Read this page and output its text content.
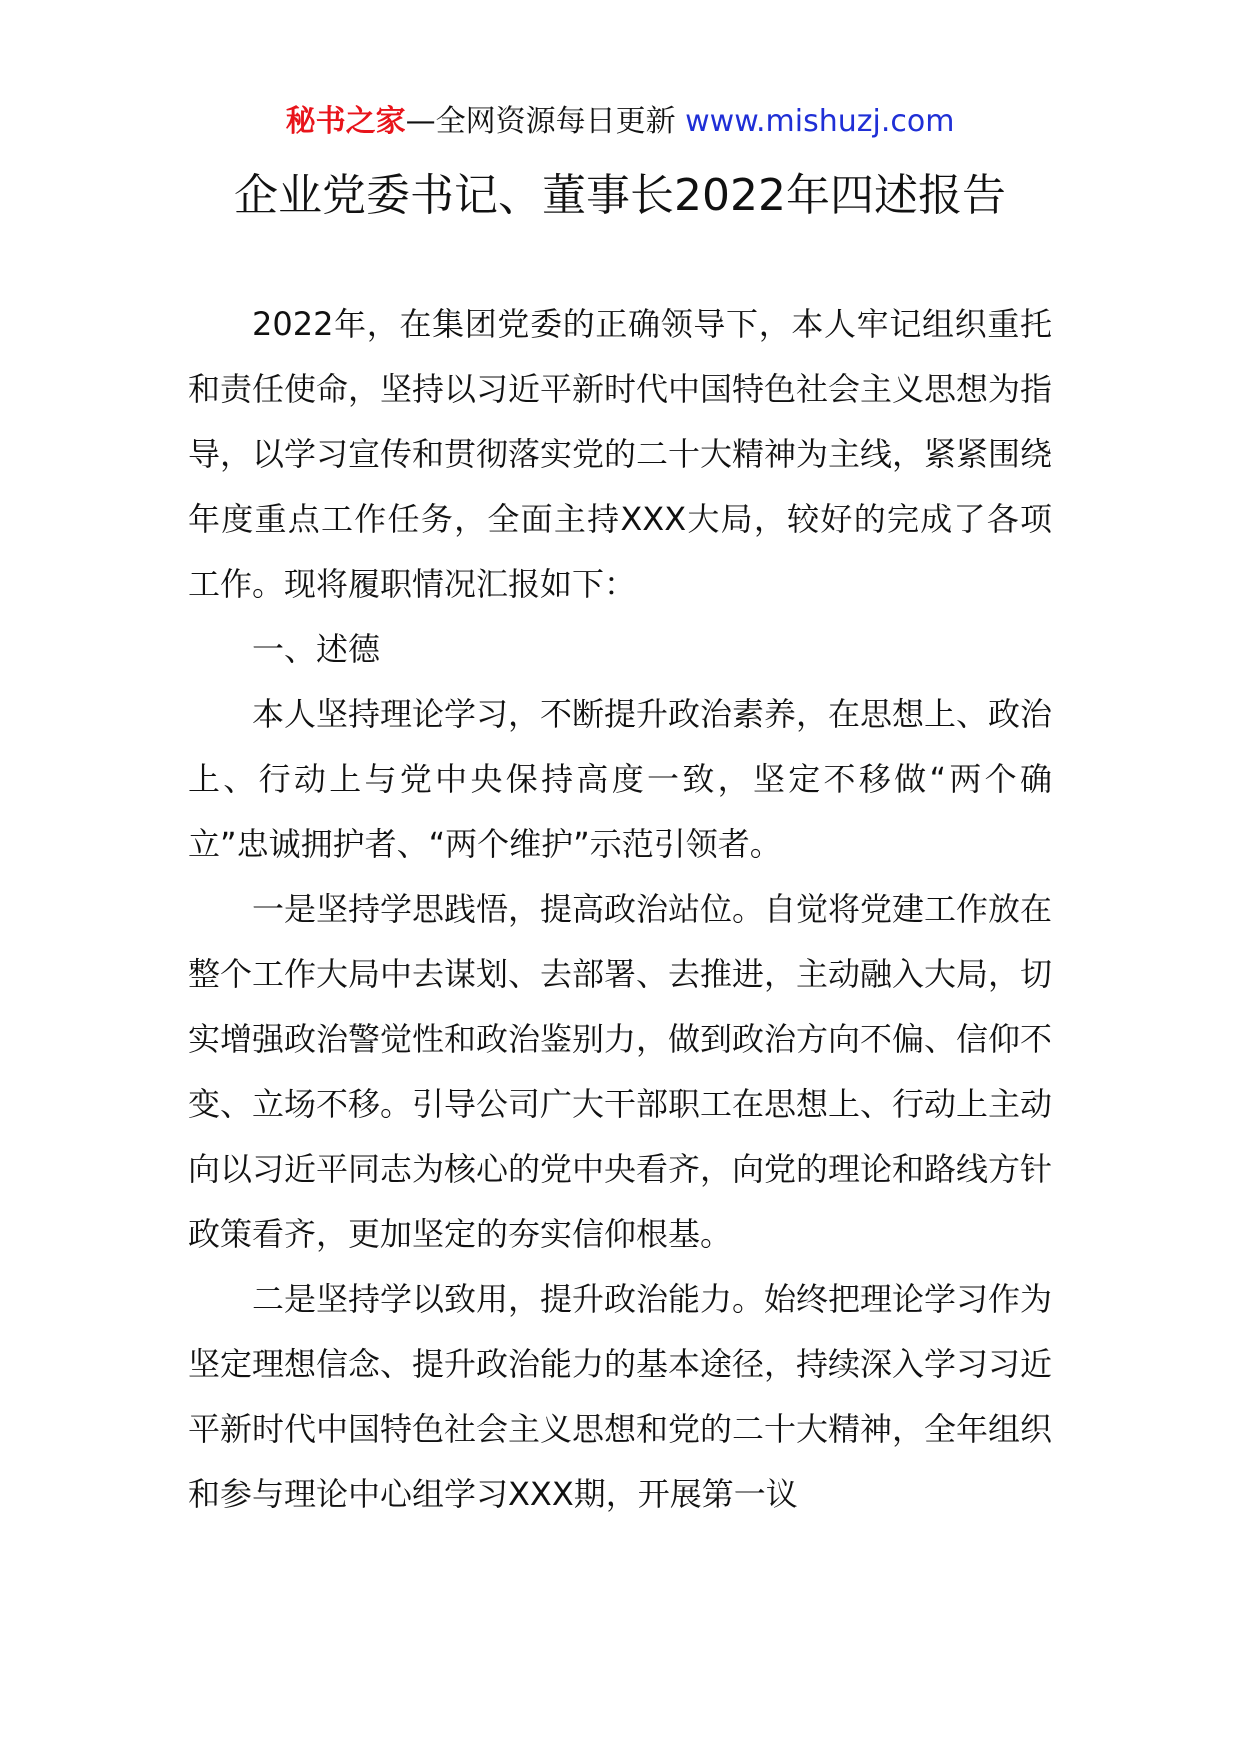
秘书之家—全网资源每日更新 www.mishuzj.com
企业党委书记、董事长2022年四述报告

2022年，在集团党委的正确领导下，本人牢记组织重托和责任使命，坚持以习近平新时代中国特色社会主义思想为指导，以学习宣传和贯彻落实党的二十大精神为主线，紧紧围绕年度重点工作任务，全面主持XXX大局，较好的完成了各项工作。现将履职情况汇报如下：

一、述德

本人坚持理论学习，不断提升政治素养，在思想上、政治上、行动上与党中央保持高度一致，坚定不移做“两个确立”忠诚拥护者、“两个维护”示范引领者。

一是坚持学思践悟，提高政治站位。自觉将党建工作放在整个工作大局中去谋划、去部署、去推进，主动融入大局，切实增强政治警觉性和政治鉴别力，做到政治方向不偏、信仰不变、立场不移。引导公司广大干部职工在思想上、行动上主动向以习近平同志为核心的党中央看齐，向党的理论和路线方针政策看齐，更加坚定的夯实信仰根基。

二是坚持学以致用，提升政治能力。始终把理论学习作为坚定理想信念、提升政治能力的基本途径，持续深入学习习近平新时代中国特色社会主义思想和党的二十大精神，全年组织和参与理论中心组学习XXX期，开展第一议
